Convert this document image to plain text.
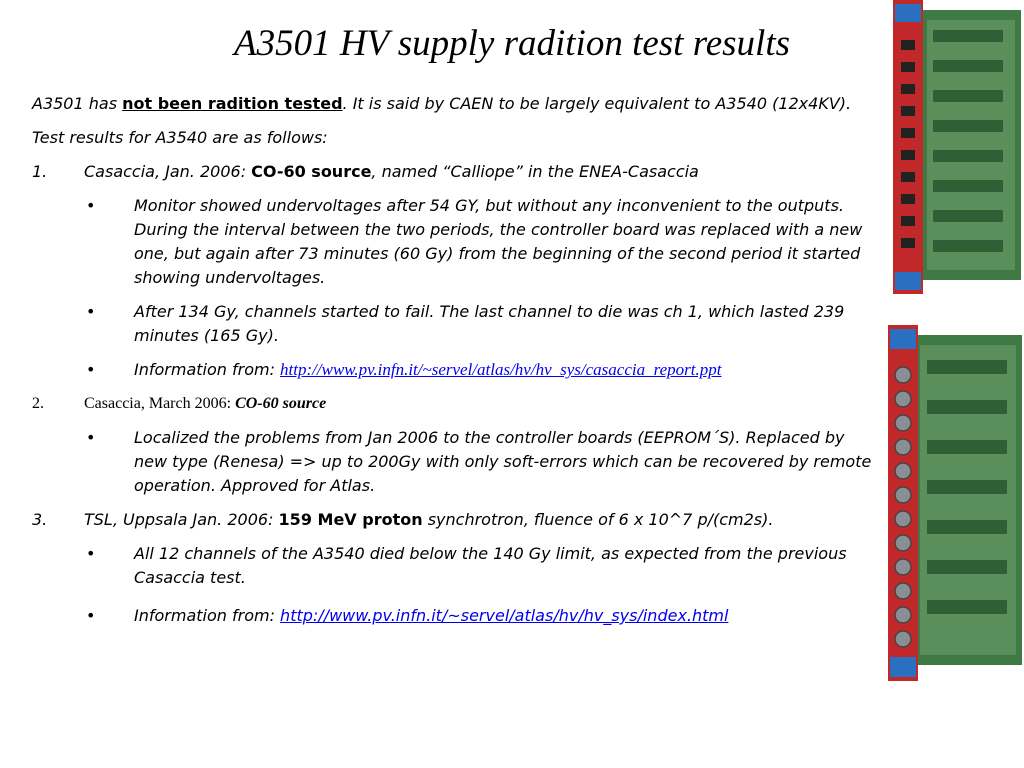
A3501 HV supply radition test results
A3501 has not been radition tested. It is said by CAEN to be largely equivalent to A3540 (12x4KV).
Test results for A3540 are as follows:
1. Casaccia, Jan. 2006: CO-60 source, named “Calliope” in the ENEA-Casaccia
• Monitor showed undervoltages after 54 GY, but without any inconvenient to the outputs. During the interval between the two periods, the controller board was replaced with a new one, but again after 73 minutes (60 Gy) from the beginning of the second period it started showing undervoltages.
• After 134 Gy, channels started to fail. The last channel to die was ch 1, which lasted 239 minutes (165 Gy).
• Information from: http://www.pv.infn.it/~servel/atlas/hv/hv_sys/casaccia_report.ppt
2.	Casaccia, March 2006: CO-60 source
• Localized the problems from Jan 2006 to the controller boards (EEPROM´S). Replaced by new type (Renesa) => up to 200Gy with only soft-errors which can be recovered by remote operation. Approved for Atlas.
3. TSL, Uppsala Jan. 2006: 159 MeV proton synchrotron, fluence of 6 x 10^7 p/(cm2s).
• All 12 channels of the A3540 died below the 140 Gy limit, as expected from the previous Casaccia test.
• Information from: http://www.pv.infn.it/~servel/atlas/hv/hv_sys/index.html
